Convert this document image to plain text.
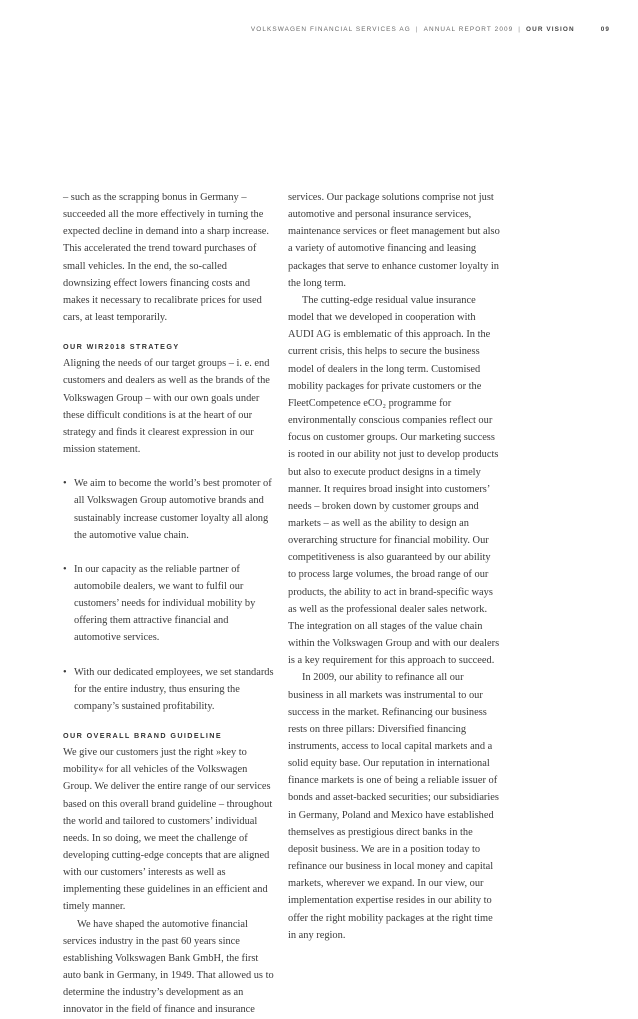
VOLKSWAGEN FINANCIAL SERVICES AG | ANNUAL REPORT 2009 | OUR VISION	09

– such as the scrapping bonus in Germany – succeeded all the more effectively in turning the expected decline in demand into a sharp increase. This accelerated the trend toward purchases of small vehicles. In the end, the so-called downsizing effect lowers financing costs and makes it necessary to recalibrate prices for used cars, at least temporarily.

OUR WIR2018 STRATEGY

Aligning the needs of our target groups – i. e. end customers and dealers as well as the brands of the Volkswagen Group – with our own goals under these difficult conditions is at the heart of our strategy and finds it clearest expression in our mission statement.

• We aim to become the world’s best promoter of all Volkswagen Group automotive brands and sustainably increase customer loyalty all along the automotive value chain.
• In our capacity as the reliable partner of automobile dealers, we want to fulfil our customers’ needs for individual mobility by offering them attractive financial and automotive services.
• With our dedicated employees, we set standards for the entire industry, thus ensuring the company’s sustained profitability.
OUR OVERALL BRAND GUIDELINE

We give our customers just the right »key to mobility« for all vehicles of the Volkswagen Group. We deliver the entire range of our services based on this overall brand guideline – throughout the world and tailored to customers’ individual needs. In so doing, we meet the challenge of developing cutting-edge concepts that are aligned with our customers’ interests as well as implementing these guidelines in an efficient and timely manner.

We have shaped the automotive financial services industry in the past 60 years since establishing Volkswagen Bank GmbH, the first auto bank in Germany, in 1949. That allowed us to determine the industry’s development as an innovator in the field of finance and insurance

services. Our package solutions comprise not just automotive and personal insurance services, maintenance services or fleet management but also a variety of automotive financing and leasing packages that serve to enhance customer loyalty in the long term.

The cutting-edge residual value insurance model that we developed in cooperation with AUDI AG is emblematic of this approach. In the current crisis, this helps to secure the business model of dealers in the long term. Customised mobility packages for private customers or the FleetCompetence eCO₂ programme for environmentally conscious companies reflect our focus on customer groups. Our marketing success is rooted in our ability not just to develop products but also to execute product designs in a timely manner. It requires broad insight into customers’ needs – broken down by customer groups and markets – as well as the ability to design an overarching structure for financial mobility. Our competitiveness is also guaranteed by our ability to process large volumes, the broad range of our products, the ability to act in brand-specific ways as well as the professional dealer sales network. The integration on all stages of the value chain within the Volkswagen Group and with our dealers is a key requirement for this approach to succeed.

In 2009, our ability to refinance all our business in all markets was instrumental to our success in the market. Refinancing our business rests on three pillars: Diversified financing instruments, access to local capital markets and a solid equity base. Our reputation in international finance markets is one of being a reliable issuer of bonds and asset-backed securities; our subsidiaries in Germany, Poland and Mexico have established themselves as prestigious direct banks in the deposit business. We are in a position today to refinance our business in local money and capital markets, wherever we expand. In our view, our implementation expertise resides in our ability to offer the right mobility packages at the right time in any region.
